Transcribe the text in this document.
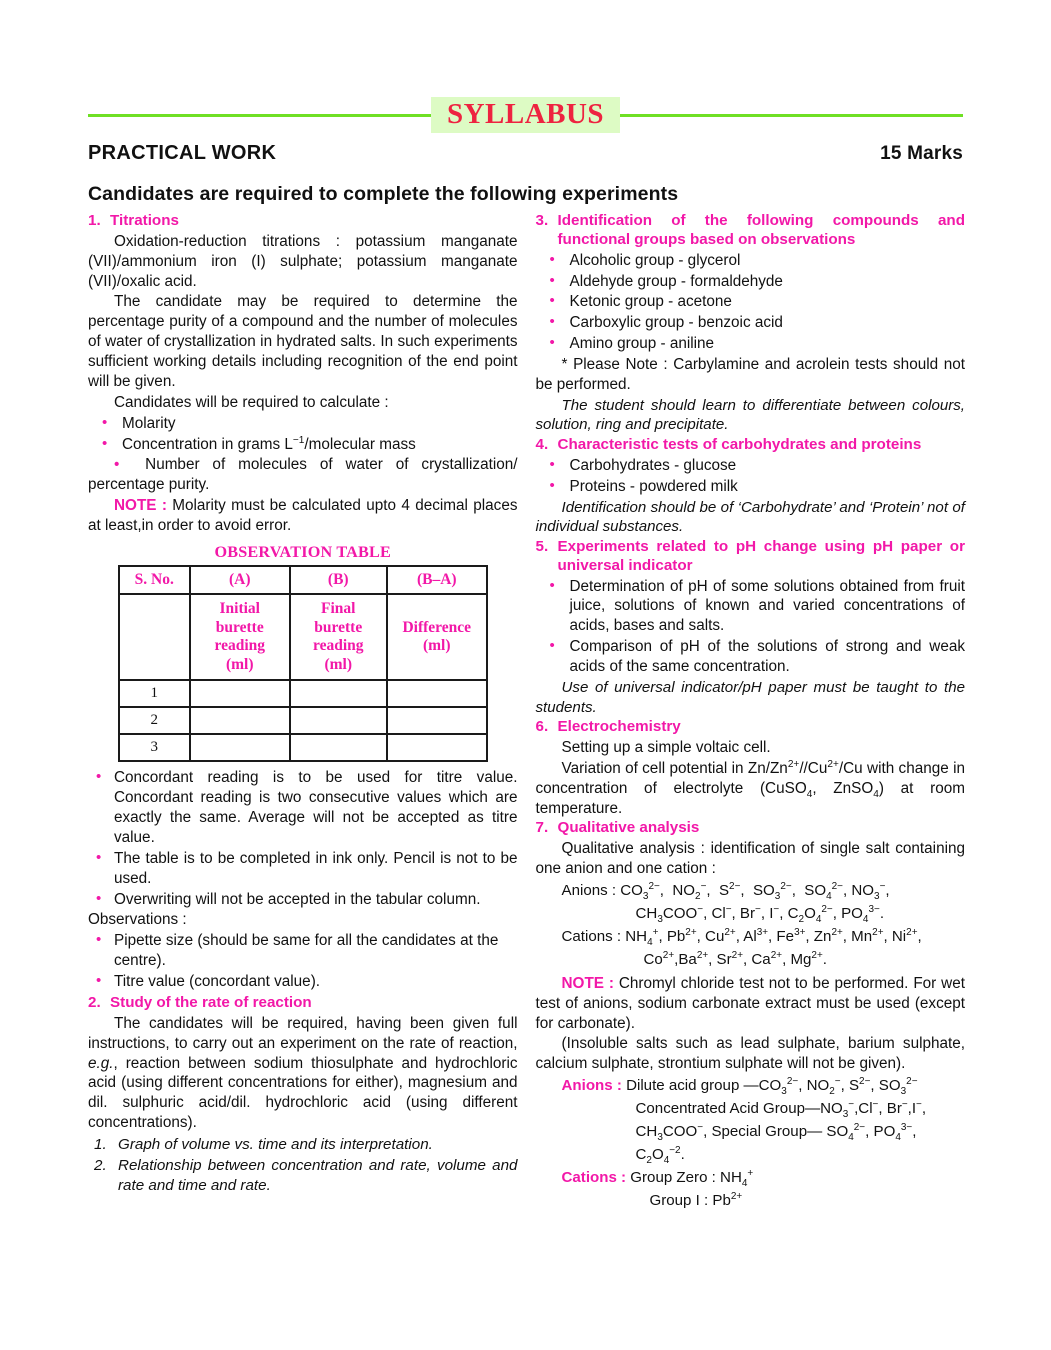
SYLLABUS
PRACTICAL WORK	15 Marks
Candidates are required to complete the following experiments
1. Titrations

Oxidation-reduction titrations : potassium manganate (VII)/ammonium iron (I) sulphate; potassium manganate (VII)/oxalic acid.

The candidate may be required to determine the percentage purity of a compound and the number of molecules of water of crystallization in hydrated salts. In such experiments sufficient working details including recognition of the end point will be given.

Candidates will be required to calculate :

• Molarity
• Concentration in grams $L^{-1}$/molecular mass

• Number of molecules of water of crystallization/ percentage purity.

NOTE : Molarity must be calculated upto 4 decimal places at least,in order to avoid error.

OBSERVATION TABLE
S. No.	(A)	(B)	(B–A)
	Initial
burette
reading
(ml)	Final
burette
reading
(ml)	Difference
(ml)
1			
2			
3			
• Concordant reading is to be used for titre value. Concordant reading is two consecutive values which are exactly the same. Average will not be accepted as titre value.
• The table is to be completed in ink only. Pencil is not to be used.
• Overwriting will not be accepted in the tabular column.

Observations :

• Pipette size (should be same for all the candidates at the centre).
• Titre value (concordant value).
2. Study of the rate of reaction

The candidates will be required, having been given full instructions, to carry out an experiment on the rate of reaction, e.g., reaction between sodium thiosulphate and hydrochloric acid (using different concentrations for either), magnesium and dil. sulphuric acid/dil. hydrochloric acid (using different concentrations).

1. Graph of volume vs. time and its interpretation.
2. Relationship between concentration and rate, volume and rate and time and rate.
3. Identification of the following compounds and functional groups based on observations
• Alcoholic group - glycerol
• Aldehyde group - formaldehyde
• Ketonic group - acetone
• Carboxylic group - benzoic acid
• Amino group - aniline

* Please Note : Carbylamine and acrolein tests should not be performed.

The student should learn to differentiate between colours, solution, ring and precipitate.

4. Characteristic tests of carbohydrates and proteins
• Carbohydrates - glucose
• Proteins - powdered milk

Identification should be of ‘Carbohydrate’ and ‘Protein’ not of individual substances.

5. Experiments related to pH change using pH paper or universal indicator
• Determination of pH of some solutions obtained from fruit juice, solutions of known and varied concentrations of acids, bases and salts.
• Comparison of pH of the solutions of strong and weak acids of the same concentration.

Use of universal indicator/pH paper must be taught to the students.

6. Electrochemistry

Setting up a simple voltaic cell.

Variation of cell potential in $Zn/Zn^{2+}//Cu^{2+}/Cu$ with change in concentration of electrolyte (CuSO$_4$, ZnSO$_4$) at room temperature.

7. Qualitative analysis

Qualitative analysis : identification of single salt containing one anion and one cation :

Anions : $CO_3^{2-}$,  $NO_2^-$,  $S^{2-}$,  $SO_3^{2-}$,  $SO_4^{2-}$, $NO_3^-$, $CH_3COO^-$, Cl−, Br−, I−, $C_2O_4^{2-}$, $PO_4^{3-}$.

Cations : $NH_4^+$, $Pb^{2+}$, $Cu^{2+}$, $Al^{3+}$, $Fe^{3+}$, $Zn^{2+}$, $Mn^{2+}$, $Ni^{2+}$, $Co^{2+},Ba^{2+}$, $Sr^{2+}$, $Ca^{2+}$, $Mg^{2+}$.

NOTE : Chromyl chloride test not to be performed. For wet test of anions, sodium carbonate extract must be used (except for carbonate).

(Insoluble salts such as lead sulphate, barium sulphate, calcium sulphate, strontium sulphate will not be given).

Anions : Dilute acid group $—CO_3^{2-}$, $NO_2^-$, $S^{2-}$, $SO_3^{2-}$ Concentrated Acid $Group—NO_3^-,Cl^-$, Br−,I−, $CH_3COO^-$, Special Group— $SO_4^{2-}$, $PO_4^{3-}$, $C_2O_4^{-2}$.

Cations : Group Zero : $NH_4^+$
Group I : $Pb^{2+}$
